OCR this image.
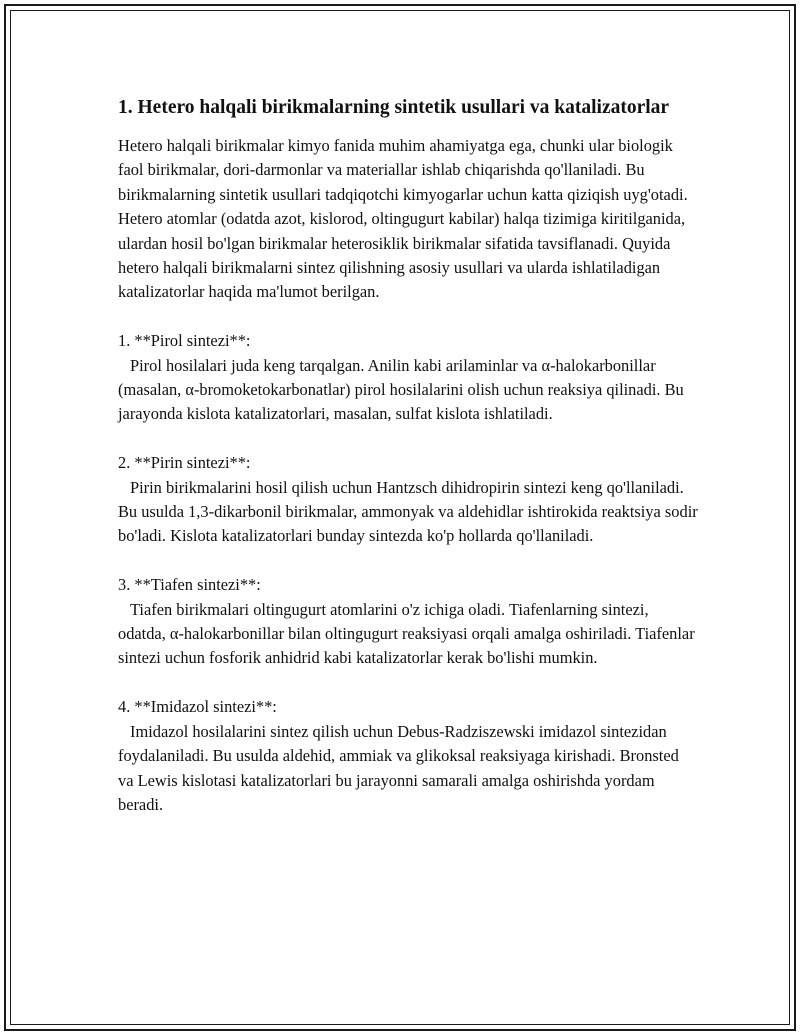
1. Hetero halqali birikmalarning sintetik usullari va katalizatorlar

Hetero halqali birikmalar kimyo fanida muhim ahamiyatga ega, chunki ular biologik faol birikmalar, dori-darmonlar va materiallar ishlab chiqarishda qo'llaniladi. Bu birikmalarning sintetik usullari tadqiqotchi kimyogarlar uchun katta qiziqish uyg'otadi. Hetero atomlar (odatda azot, kislorod, oltingugurt kabilar) halqa tizimiga kiritilganida, ulardan hosil bo'lgan birikmalar heterosiklik birikmalar sifatida tavsiflanadi. Quyida hetero halqali birikmalarni sintez qilishning asosiy usullari va ularda ishlatiladigan katalizatorlar haqida ma'lumot berilgan.

1. **Pirol sintezi**:

Pirol hosilalari juda keng tarqalgan. Anilin kabi arilaminlar va α-halokarbonillar (masalan, α-bromoketokarbonatlar) pirol hosilalarini olish uchun reaksiya qilinadi. Bu jarayonda kislota katalizatorlari, masalan, sulfat kislota ishlatiladi.

2. **Pirin sintezi**:

Pirin birikmalarini hosil qilish uchun Hantzsch dihidropirin sintezi keng qo'llaniladi. Bu usulda 1,3-dikarbonil birikmalar, ammonyak va aldehidlar ishtirokida reaktsiya sodir bo'ladi. Kislota katalizatorlari bunday sintezda ko'p hollarda qo'llaniladi.

3. **Tiafen sintezi**:

Tiafen birikmalari oltingugurt atomlarini o'z ichiga oladi. Tiafenlarning sintezi, odatda, α-halokarbonillar bilan oltingugurt reaksiyasi orqali amalga oshiriladi. Tiafenlar sintezi uchun fosforik anhidrid kabi katalizatorlar kerak bo'lishi mumkin.

4. **Imidazol sintezi**:

Imidazol hosilalarini sintez qilish uchun Debus-Radziszewski imidazol sintezidan foydalaniladi. Bu usulda aldehid, ammiak va glikoksal reaksiyaga kirishadi. Bronsted va Lewis kislotasi katalizatorlari bu jarayonni samarali amalga oshirishda yordam beradi.
